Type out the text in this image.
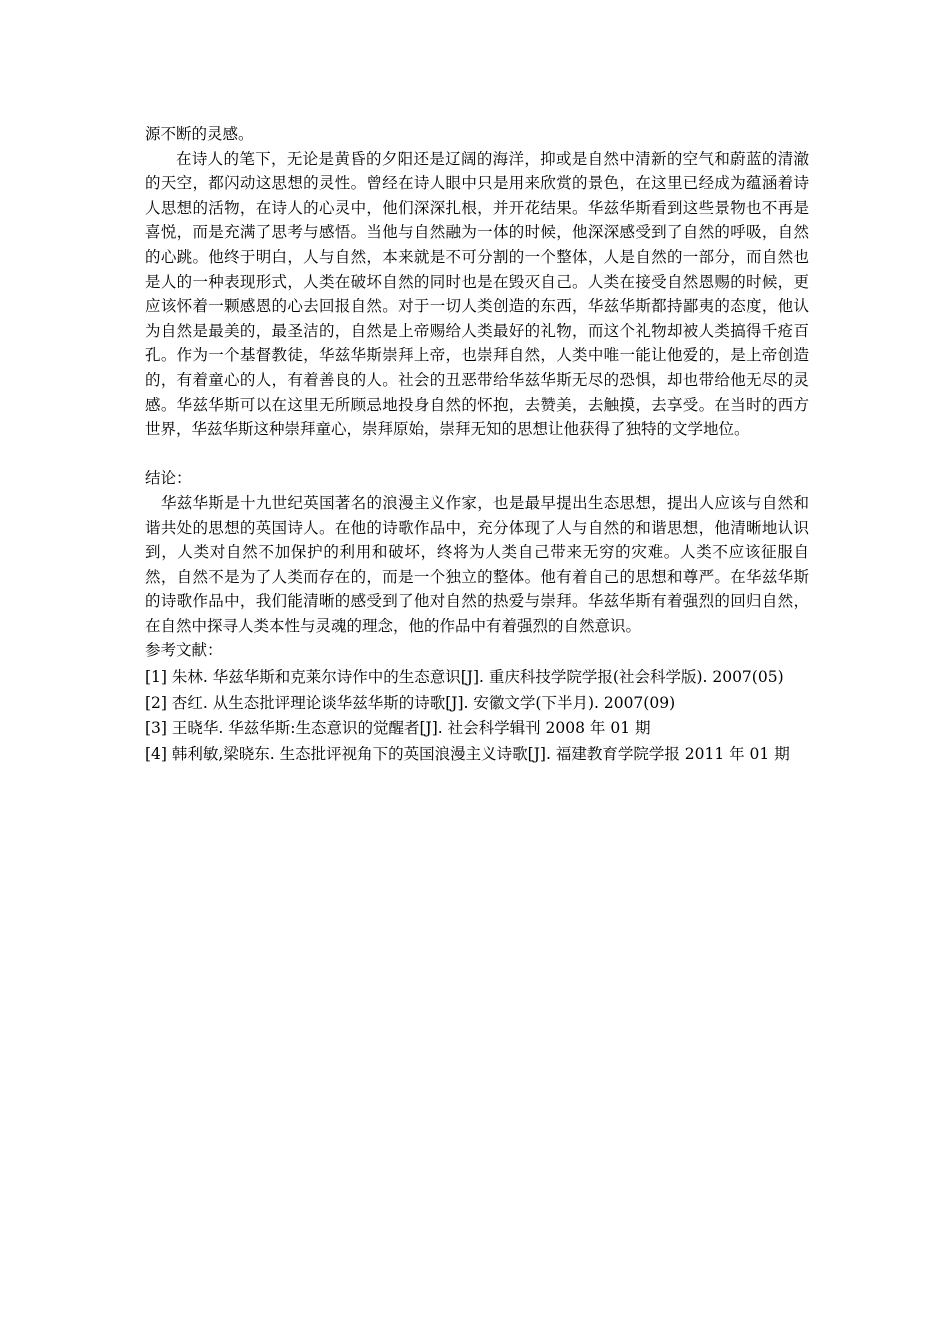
源不断的灵感。

在诗人的笔下，无论是黄昏的夕阳还是辽阔的海洋，抑或是自然中清新的空气和蔚蓝的清澈的天空，都闪动这思想的灵性。曾经在诗人眼中只是用来欣赏的景色，在这里已经成为蕴涵着诗人思想的活物，在诗人的心灵中，他们深深扎根，并开花结果。华兹华斯看到这些景物也不再是喜悦，而是充满了思考与感悟。当他与自然融为一体的时候，他深深感受到了自然的呼吸，自然的心跳。他终于明白，人与自然，本来就是不可分割的一个整体，人是自然的一部分，而自然也是人的一种表现形式，人类在破坏自然的同时也是在毁灭自己。人类在接受自然恩赐的时候，更应该怀着一颗感恩的心去回报自然。对于一切人类创造的东西，华兹华斯都持鄙夷的态度，他认为自然是最美的，最圣洁的，自然是上帝赐给人类最好的礼物，而这个礼物却被人类搞得千疮百孔。作为一个基督教徒，华兹华斯崇拜上帝，也崇拜自然，人类中唯一能让他爱的，是上帝创造的，有着童心的人，有着善良的人。社会的丑恶带给华兹华斯无尽的恐惧，却也带给他无尽的灵感。华兹华斯可以在这里无所顾忌地投身自然的怀抱，去赞美，去触摸，去享受。在当时的西方世界，华兹华斯这种崇拜童心，崇拜原始，崇拜无知的思想让他获得了独特的文学地位。

结论：

华兹华斯是十九世纪英国著名的浪漫主义作家，也是最早提出生态思想，提出人应该与自然和谐共处的思想的英国诗人。在他的诗歌作品中，充分体现了人与自然的和谐思想，他清晰地认识到，人类对自然不加保护的利用和破坏，终将为人类自己带来无穷的灾难。人类不应该征服自然，自然不是为了人类而存在的，而是一个独立的整体。他有着自己的思想和尊严。在华兹华斯的诗歌作品中，我们能清晰的感受到了他对自然的热爱与崇拜。华兹华斯有着强烈的回归自然，在自然中探寻人类本性与灵魂的理念，他的作品中有着强烈的自然意识。

参考文献：

[1] 朱林. 华兹华斯和克莱尔诗作中的生态意识[J]. 重庆科技学院学报(社会科学版). 2007(05)

[2] 杏红. 从生态批评理论谈华兹华斯的诗歌[J]. 安徽文学(下半月). 2007(09)

[3] 王晓华. 华兹华斯:生态意识的觉醒者[J]. 社会科学辑刊 2008 年 01 期

[4] 韩利敏,梁晓东. 生态批评视角下的英国浪漫主义诗歌[J]. 福建教育学院学报 2011 年 01 期
